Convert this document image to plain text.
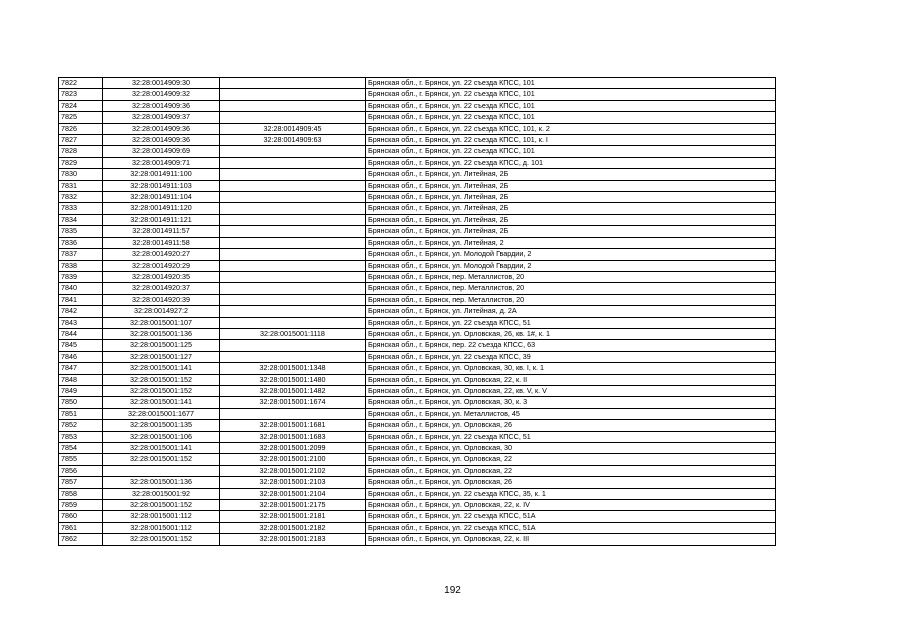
7822	32:28:0014909:30		Брянская обл., г. Брянск, ул. 22 съезда КПСС, 101
7823	32:28:0014909:32		Брянская обл., г. Брянск, ул. 22 съезда КПСС, 101
7824	32:28:0014909:36		Брянская обл., г. Брянск, ул. 22 съезда КПСС, 101
7825	32:28:0014909:37		Брянская обл., г. Брянск, ул. 22 съезда КПСС, 101
7826	32:28:0014909:36	32:28:0014909:45	Брянская обл., г. Брянск, ул. 22 съезда КПСС, 101, к. 2
7827	32:28:0014909:36	32:28:0014909:63	Брянская обл., г. Брянск, ул. 22 съезда КПСС, 101, к. I
7828	32:28:0014909:69		Брянская обл., г. Брянск, ул. 22 съезда КПСС, 101
7829	32:28:0014909:71		Брянская обл., г. Брянск, ул. 22 съезда КПСС, д. 101
7830	32:28:0014911:100		Брянская обл., г. Брянск, ул. Литейная, 2Б
7831	32:28:0014911:103		Брянская обл., г. Брянск, ул. Литейная, 2Б
7832	32:28:0014911:104		Брянская обл., г. Брянск, ул. Литейная, 2Б
7833	32:28:0014911:120		Брянская обл., г. Брянск, ул. Литейная, 2Б
7834	32:28:0014911:121		Брянская обл., г. Брянск, ул. Литейная, 2Б
7835	32:28:0014911:57		Брянская обл., г. Брянск, ул. Литейная, 2Б
7836	32:28:0014911:58		Брянская обл., г. Брянск, ул. Литейная, 2
7837	32:28:0014920:27		Брянская обл., г. Брянск, ул. Молодой Гвардии, 2
7838	32:28:0014920:29		Брянская обл., г. Брянск, ул. Молодой Гвардии, 2
7839	32:28:0014920:35		Брянская обл., г. Брянск, пер. Металлистов, 20
7840	32:28:0014920:37		Брянская обл., г. Брянск, пер. Металлистов, 20
7841	32:28:0014920:39		Брянская обл., г. Брянск, пер. Металлистов, 20
7842	32:28:0014927:2		Брянская обл., г. Брянск, ул. Литейная, д. 2А
7843	32:28:0015001:107		Брянская обл., г. Брянск, ул. 22 съезда КПСС, 51
7844	32:28:0015001:136	32:28:0015001:1118	Брянская обл., г. Брянск, ул. Орловская, 26, кв. 1#, к. 1
7845	32:28:0015001:125		Брянская обл., г. Брянск, пер. 22 съезда КПСС, 63
7846	32:28:0015001:127		Брянская обл., г. Брянск, ул. 22 съезда КПСС, 39
7847	32:28:0015001:141	32:28:0015001:1348	Брянская обл., г. Брянск, ул. Орловская, 30, кв. I, к. 1
7848	32:28:0015001:152	32:28:0015001:1480	Брянская обл., г. Брянск, ул. Орловская, 22, к. II
7849	32:28:0015001:152	32:28:0015001:1482	Брянская обл., г. Брянск, ул. Орловская, 22, кв. V, к. V
7850	32:28:0015001:141	32:28:0015001:1674	Брянская обл., г. Брянск, ул. Орловская, 30, к. 3
7851	32:28:0015001:1677		Брянская обл., г. Брянск, ул. Металлистов, 45
7852	32:28:0015001:135	32:28:0015001:1681	Брянская обл., г. Брянск, ул. Орловская, 26
7853	32:28:0015001:106	32:28:0015001:1683	Брянская обл., г. Брянск, ул. 22 съезда КПСС, 51
7854	32:28:0015001:141	32:28:0015001:2099	Брянская обл., г. Брянск, ул. Орловская, 30
7855	32:28:0015001:152	32:28:0015001:2100	Брянская обл., г. Брянск, ул. Орловская, 22
7856		32:28:0015001:2102	Брянская обл., г. Брянск, ул. Орловская, 22
7857	32:28:0015001:136	32:28:0015001:2103	Брянская обл., г. Брянск, ул. Орловская, 26
7858	32:28:0015001:92	32:28:0015001:2104	Брянская обл., г. Брянск, ул. 22 съезда КПСС, 35, к. 1
7859	32:28:0015001:152	32:28:0015001:2175	Брянская обл., г. Брянск, ул. Орловская, 22, к. IV
7860	32:28:0015001:112	32:28:0015001:2181	Брянская обл., г. Брянск, ул. 22 съезда КПСС, 51А
7861	32:28:0015001:112	32:28:0015001:2182	Брянская обл., г. Брянск, ул. 22 съезда КПСС, 51А
7862	32:28:0015001:152	32:28:0015001:2183	Брянская обл., г. Брянск, ул. Орловская, 22, к. III
192
